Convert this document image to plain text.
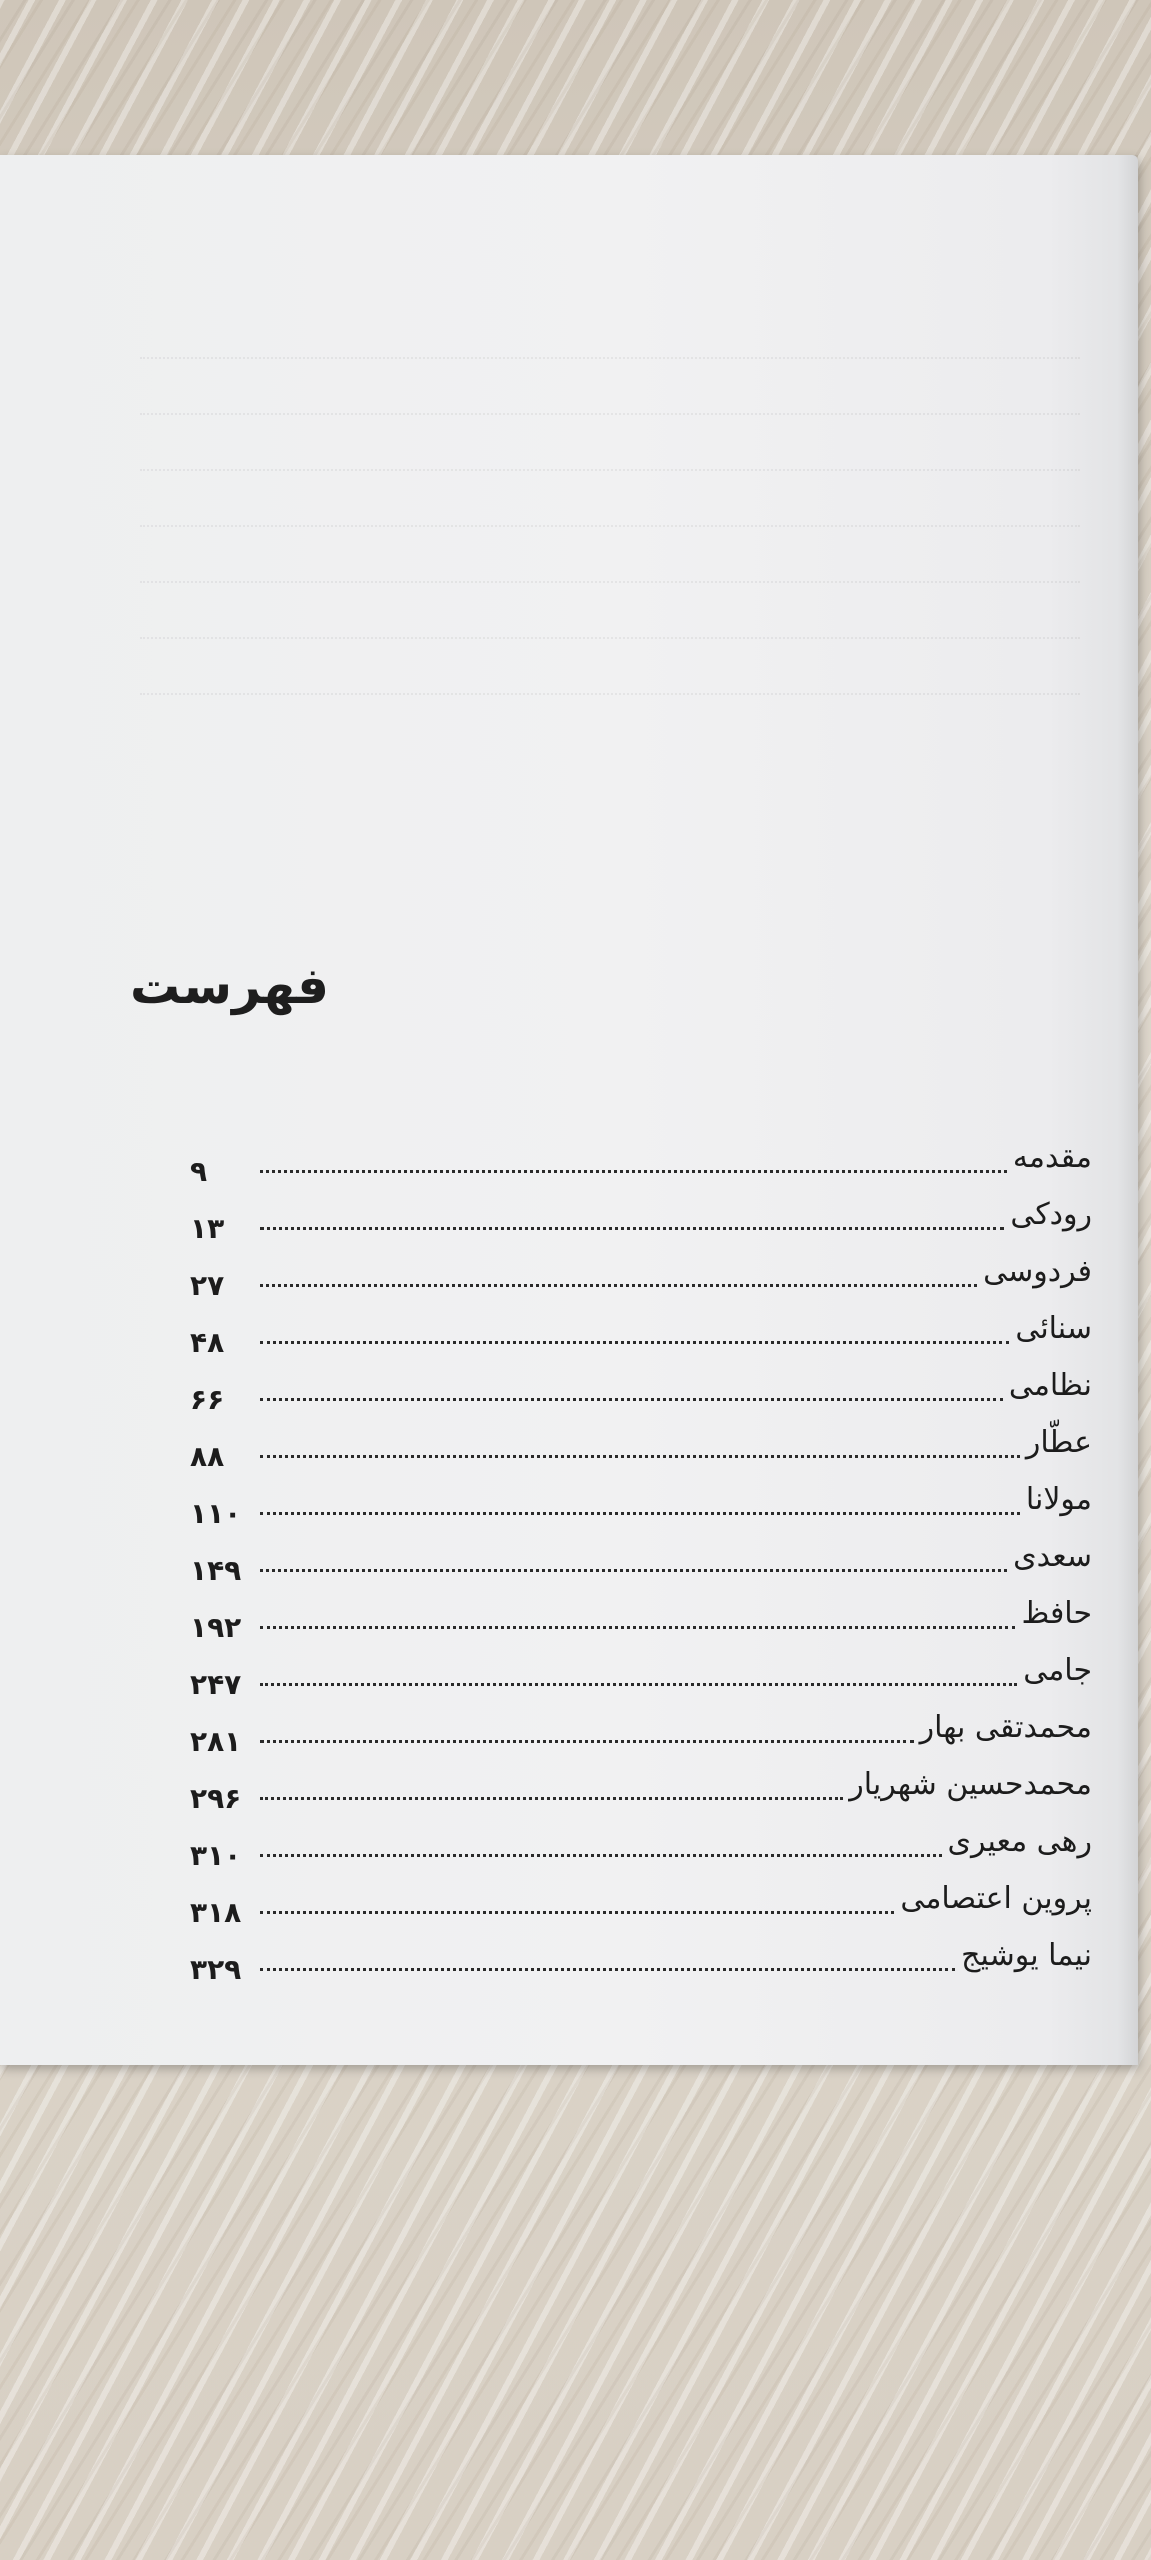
فهرست
مقدمه
۹
رودکی
۱۳
فردوسی
۲۷
سنائی
۴۸
نظامی
۶۶
عطّار
۸۸
مولانا
۱۱۰
سعدی
۱۴۹
حافظ
۱۹۲
جامی
۲۴۷
محمدتقی بهار
۲۸۱
محمدحسین شهریار
۲۹۶
رهی معیری
۳۱۰
پروین اعتصامی
۳۱۸
نیما یوشیج
۳۲۹
